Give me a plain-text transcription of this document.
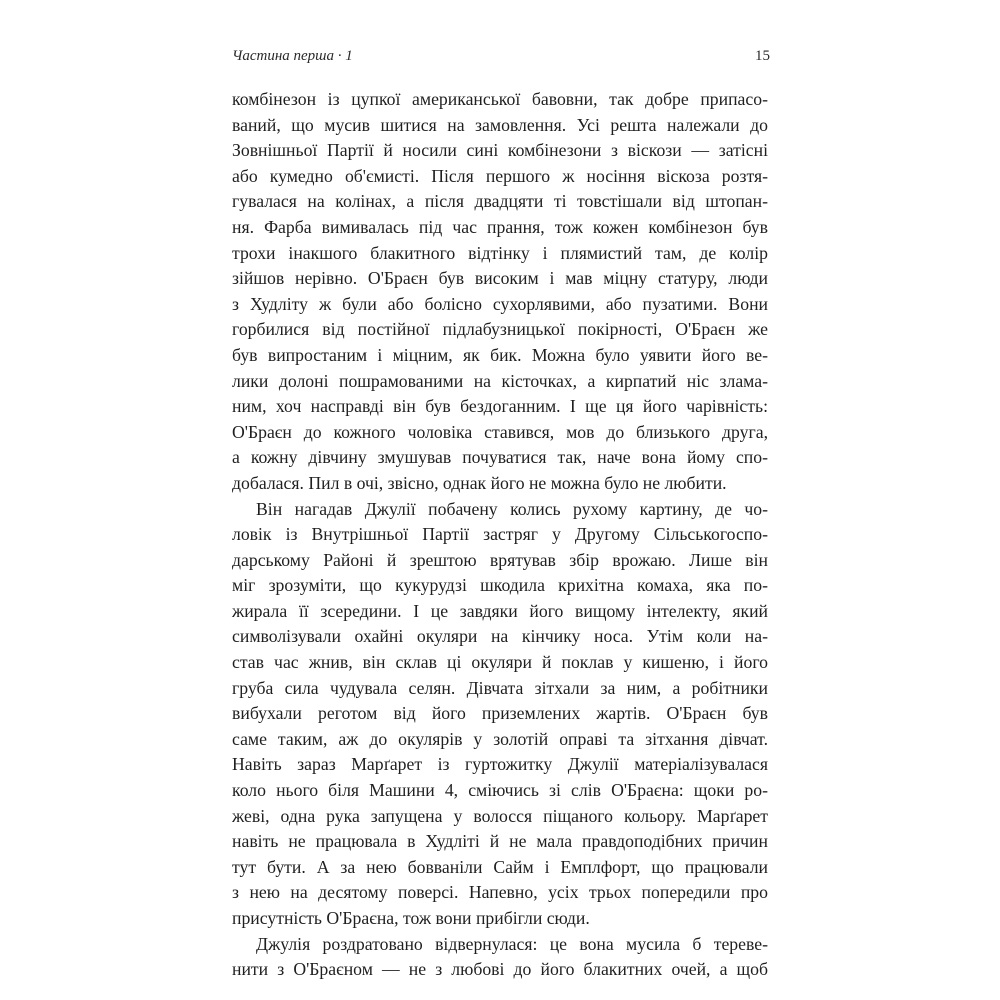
Частина перша · 1	15
комбінезон із цупкої американської бавовни, так добре припасо-
ваний, що мусив шитися на замовлення. Усі решта належали до
Зовнішньої Партії й носили сині комбінезони з віскози — затісні
або кумедно об'ємисті. Після першого ж носіння віскоза розтя-
гувалася на колінах, а після двадцяти ті товстішали від штопан-
ня. Фарба вимивалась під час прання, тож кожен комбінезон був
трохи інакшого блакитного відтінку і плямистий там, де колір
зійшов нерівно. О'Браєн був високим і мав міцну статуру, люди
з Худліту ж були або болісно сухорлявими, або пузатими. Вони
горбилися від постійної підлабузницької покірності, О'Браєн же
був випростаним і міцним, як бик. Можна було уявити його ве-
лики долоні пошрамованими на кісточках, а кирпатий ніс злама-
ним, хоч насправді він був бездоганним. І ще ця його чарівність:
О'Браєн до кожного чоловіка ставився, мов до близького друга,
а кожну дівчину змушував почуватися так, наче вона йому спо-
добалася. Пил в очі, звісно, однак його не можна було не любити.
Він нагадав Джулії побачену колись рухому картину, де чо-
ловік із Внутрішньої Партії застряг у Другому Сільськогоспо-
дарському Районі й зрештою врятував збір врожаю. Лише він
міг зрозуміти, що кукурудзі шкодила крихітна комаха, яка по-
жирала її зсередини. І це завдяки його вищому інтелекту, який
символізували охайні окуляри на кінчику носа. Утім коли на-
став час жнив, він склав ці окуляри й поклав у кишеню, і його
груба сила чудувала селян. Дівчата зітхали за ним, а робітники
вибухали реготом від його приземлених жартів. О'Браєн був
саме таким, аж до окулярів у золотій оправі та зітхання дівчат.
Навіть зараз Марґарет із гуртожитку Джулії матеріалізувалася
коло нього біля Машини 4, сміючись зі слів О'Браєна: щоки ро-
жеві, одна рука запущена у волосся піщаного кольору. Марґарет
навіть не працювала в Худліті й не мала правдоподібних причин
тут бути. А за нею бовваніли Сайм і Емплфорт, що працювали
з нею на десятому поверсі. Напевно, усіх трьох попередили про
присутність О'Браєна, тож вони прибігли сюди.
Джулія роздратовано відвернулася: це вона мусила б тереве-
нити з О'Браєном — не з любові до його блакитних очей, а щоб
